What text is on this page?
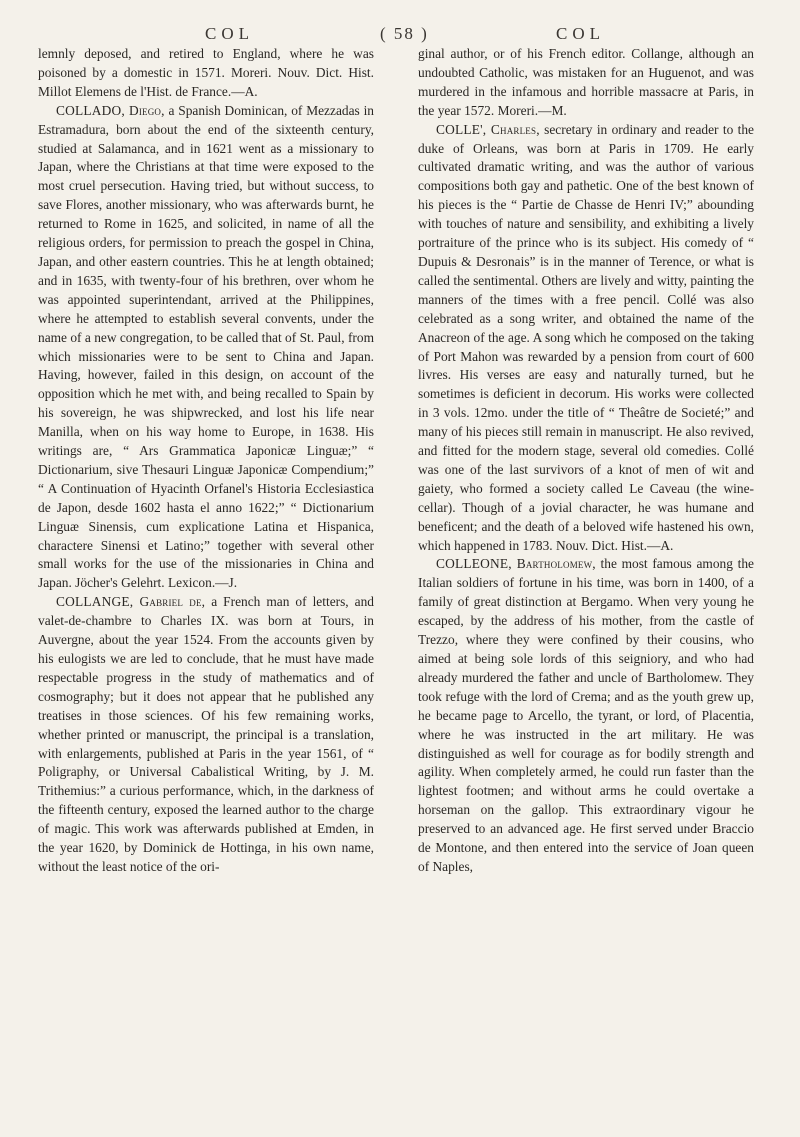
COL	( 58 )	COL

lemnly deposed, and retired to England, where he was poisoned by a domestic in 1571. Moreri. Nouv. Dict. Hist. Millot Elemens de l'Hist. de France.—A.

COLLADO, Diego, a Spanish Dominican, of Mezzadas in Estramadura, born about the end of the sixteenth century, studied at Salamanca, and in 1621 went as a missionary to Japan, where the Christians at that time were exposed to the most cruel persecution. Having tried, but without success, to save Flores, another missionary, who was afterwards burnt, he returned to Rome in 1625, and solicited, in name of all the religious orders, for permission to preach the gospel in China, Japan, and other eastern countries. This he at length obtained; and in 1635, with twenty-four of his brethren, over whom he was appointed superintendant, arrived at the Philippines, where he attempted to establish several convents, under the name of a new congregation, to be called that of St. Paul, from which missionaries were to be sent to China and Japan. Having, however, failed in this design, on account of the opposition which he met with, and being recalled to Spain by his sovereign, he was shipwrecked, and lost his life near Manilla, when on his way home to Europe, in 1638. His writings are, “ Ars Grammatica Japonicæ Linguæ;” “ Dictionarium, sive Thesauri Linguæ Japonicæ Compendium;” “ A Continuation of Hyacinth Orfanel's Historia Ecclesiastica de Japon, desde 1602 hasta el anno 1622;” “ Dictionarium Linguæ Sinensis, cum explicatione Latina et Hispanica, charactere Sinensi et Latino;” together with several other small works for the use of the missionaries in China and Japan. Jöcher's Gelehrt. Lexicon.—J.

COLLANGE, Gabriel de, a French man of letters, and valet-de-chambre to Charles IX. was born at Tours, in Auvergne, about the year 1524. From the accounts given by his eulogists we are led to conclude, that he must have made respectable progress in the study of mathematics and of cosmography; but it does not appear that he published any treatises in those sciences. Of his few remaining works, whether printed or manuscript, the principal is a translation, with enlargements, published at Paris in the year 1561, of “ Poligraphy, or Universal Cabalistical Writing, by J. M. Trithemius:” a curious performance, which, in the darkness of the fifteenth century, exposed the learned author to the charge of magic. This work was afterwards published at Emden, in the year 1620, by Dominick de Hottinga, in his own name, without the least notice of the ori-

ginal author, or of his French editor. Collange, although an undoubted Catholic, was mistaken for an Huguenot, and was murdered in the infamous and horrible massacre at Paris, in the year 1572. Moreri.—M.

COLLE', Charles, secretary in ordinary and reader to the duke of Orleans, was born at Paris in 1709. He early cultivated dramatic writing, and was the author of various compositions both gay and pathetic. One of the best known of his pieces is the “ Partie de Chasse de Henri IV;” abounding with touches of nature and sensibility, and exhibiting a lively portraiture of the prince who is its subject. His comedy of “ Dupuis & Desronais” is in the manner of Terence, or what is called the sentimental. Others are lively and witty, painting the manners of the times with a free pencil. Collé was also celebrated as a song writer, and obtained the name of the Anacreon of the age. A song which he composed on the taking of Port Mahon was rewarded by a pension from court of 600 livres. His verses are easy and naturally turned, but he sometimes is deficient in decorum. His works were collected in 3 vols. 12mo. under the title of “ Theâtre de Societé;” and many of his pieces still remain in manuscript. He also revived, and fitted for the modern stage, several old comedies. Collé was one of the last survivors of a knot of men of wit and gaiety, who formed a society called Le Caveau (the wine-cellar). Though of a jovial character, he was humane and beneficent; and the death of a beloved wife hastened his own, which happened in 1783. Nouv. Dict. Hist.—A.

COLLEONE, Bartholomew, the most famous among the Italian soldiers of fortune in his time, was born in 1400, of a family of great distinction at Bergamo. When very young he escaped, by the address of his mother, from the castle of Trezzo, where they were confined by their cousins, who aimed at being sole lords of this seigniory, and who had already murdered the father and uncle of Bartholomew. They took refuge with the lord of Crema; and as the youth grew up, he became page to Arcello, the tyrant, or lord, of Placentia, where he was instructed in the art military. He was distinguished as well for courage as for bodily strength and agility. When completely armed, he could run faster than the lightest footmen; and without arms he could overtake a horseman on the gallop. This extraordinary vigour he preserved to an advanced age. He first served under Braccio de Montone, and then entered into the service of Joan queen of Naples,
